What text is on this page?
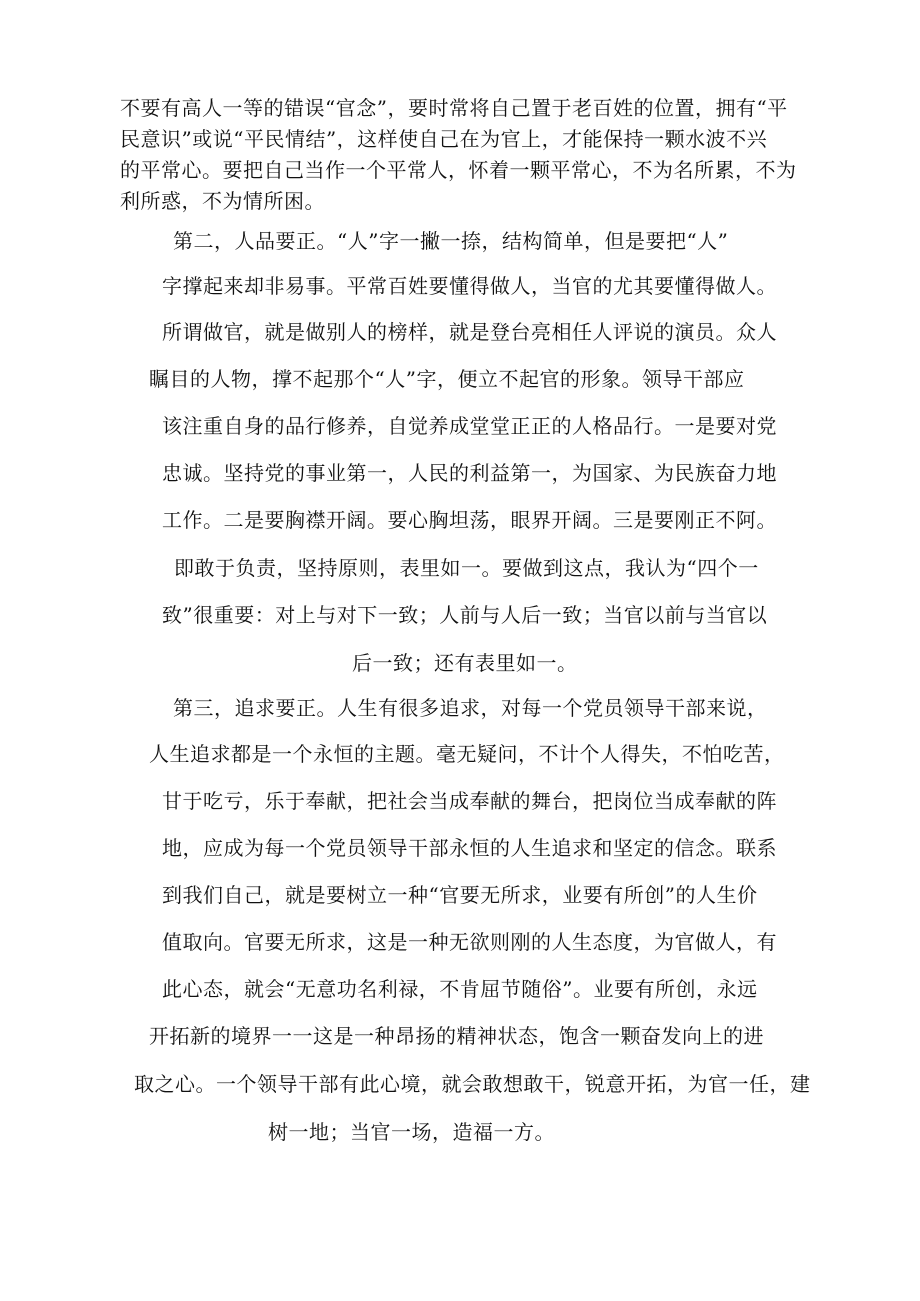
不要有高人一等的错误“官念”，要时常将自己置于老百姓的位置，拥有“平
民意识”或说“平民情结”，这样使自己在为官上，才能保持一颗水波不兴
的平常心。要把自己当作一个平常人，怀着一颗平常心，不为名所累，不为
利所惑，不为情所困。
第二，人品要正。“人”字一撇一捺，结构简单，但是要把“人”
字撑起来却非易事。平常百姓要懂得做人，当官的尤其要懂得做人。
所谓做官，就是做别人的榜样，就是登台亮相任人评说的演员。众人
瞩目的人物，撑不起那个“人”字，便立不起官的形象。领导干部应
该注重自身的品行修养，自觉养成堂堂正正的人格品行。一是要对党
忠诚。坚持党的事业第一，人民的利益第一，为国家、为民族奋力地
工作。二是要胸襟开阔。要心胸坦荡，眼界开阔。三是要刚正不阿。
即敢于负责，坚持原则，表里如一。要做到这点，我认为“四个一
致”很重要：对上与对下一致；人前与人后一致；当官以前与当官以
后一致；还有表里如一。
第三，追求要正。人生有很多追求，对每一个党员领导干部来说，
人生追求都是一个永恒的主题。毫无疑问，不计个人得失，不怕吃苦，
甘于吃亏，乐于奉献，把社会当成奉献的舞台，把岗位当成奉献的阵
地，应成为每一个党员领导干部永恒的人生追求和坚定的信念。联系
到我们自己，就是要树立一种“官要无所求，业要有所创”的人生价
值取向。官要无所求，这是一种无欲则刚的人生态度，为官做人，有
此心态，就会“无意功名利禄，不肯屈节随俗”。业要有所创，永远
开拓新的境界一一这是一种昂扬的精神状态，饱含一颗奋发向上的进
取之心。一个领导干部有此心境，就会敢想敢干，锐意开拓，为官一任，建
树一地；当官一场，造福一方。
